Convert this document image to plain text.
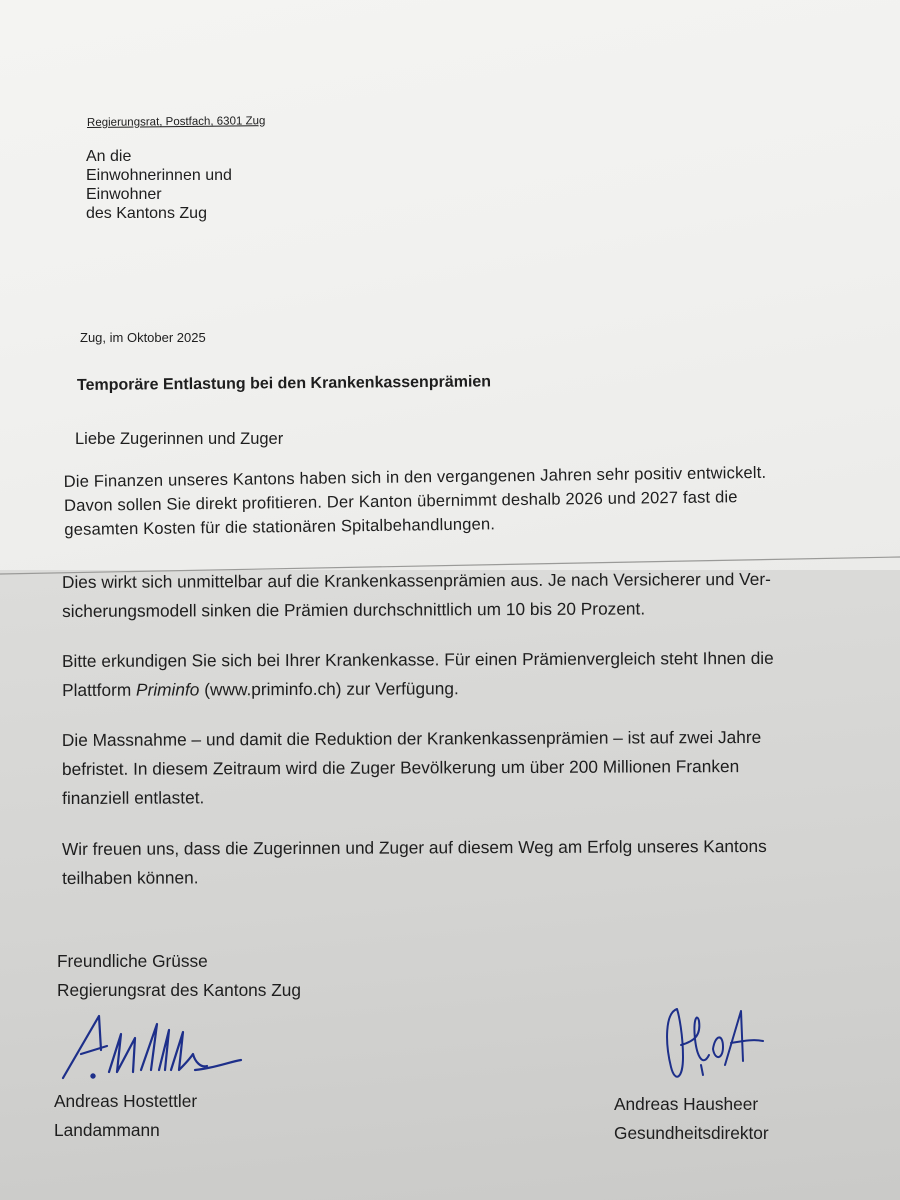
Regierungsrat, Postfach, 6301 Zug
An die
Einwohnerinnen und
Einwohner
des Kantons Zug
Zug, im Oktober 2025
Temporäre Entlastung bei den Krankenkassenprämien
Liebe Zugerinnen und Zuger
Die Finanzen unseres Kantons haben sich in den vergangenen Jahren sehr positiv entwickelt.
Davon sollen Sie direkt profitieren. Der Kanton übernimmt deshalb 2026 und 2027 fast die
gesamten Kosten für die stationären Spitalbehandlungen.
Dies wirkt sich unmittelbar auf die Krankenkassenprämien aus. Je nach Versicherer und Ver-
sicherungsmodell sinken die Prämien durchschnittlich um 10 bis 20 Prozent.
Bitte erkundigen Sie sich bei Ihrer Krankenkasse. Für einen Prämienvergleich steht Ihnen die
Plattform Priminfo (www.priminfo.ch) zur Verfügung.
Die Massnahme – und damit die Reduktion der Krankenkassenprämien – ist auf zwei Jahre
befristet. In diesem Zeitraum wird die Zuger Bevölkerung um über 200 Millionen Franken
finanziell entlastet.
Wir freuen uns, dass die Zugerinnen und Zuger auf diesem Weg am Erfolg unseres Kantons
teilhaben können.
Freundliche Grüsse
Regierungsrat des Kantons Zug
Andreas Hostettler
Landammann
Andreas Hausheer
Gesundheitsdirektor
